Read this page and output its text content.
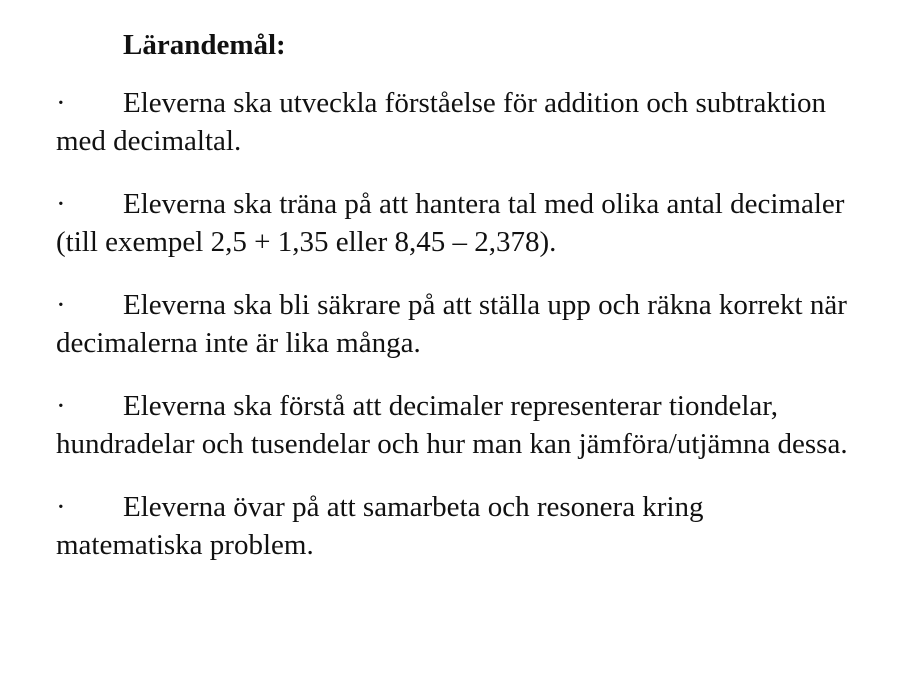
Lärandemål:
·	Eleverna ska utveckla förståelse för addition och subtraktion med decimaltal.
·	Eleverna ska träna på att hantera tal med olika antal decimaler (till exempel 2,5 + 1,35 eller 8,45 – 2,378).
·	Eleverna ska bli säkrare på att ställa upp och räkna korrekt när decimalerna inte är lika många.
·	Eleverna ska förstå att decimaler representerar tiondelar, hundradelar och tusendelar och hur man kan jämföra/utjämna dessa.
·	Eleverna övar på att samarbeta och resonera kring matematiska problem.
